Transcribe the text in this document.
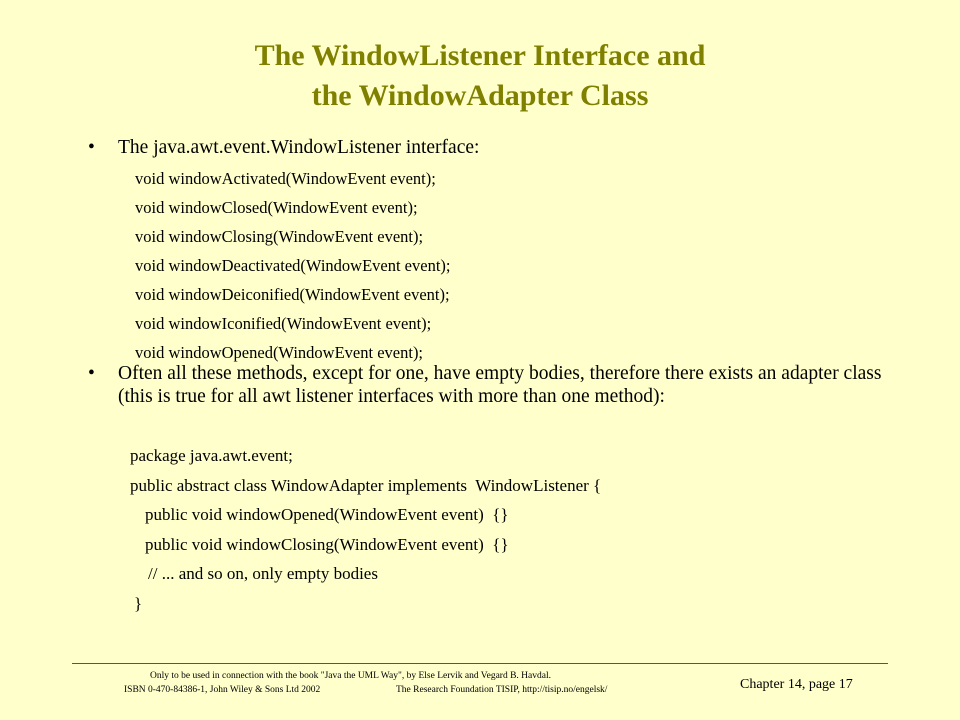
The WindowListener Interface and
the WindowAdapter Class
• The java.awt.event.WindowListener interface:
void windowActivated(WindowEvent event);
void windowClosed(WindowEvent event);
void windowClosing(WindowEvent event);
void windowDeactivated(WindowEvent event);
void windowDeiconified(WindowEvent event);
void windowIconified(WindowEvent event);
void windowOpened(WindowEvent event);
• Often all these methods, except for one, have empty bodies, therefore there exists an adapter class (this is true for all awt listener interfaces with more than one method):
package java.awt.event;
public abstract class WindowAdapter implements  WindowListener {
public void windowOpened(WindowEvent event)  {}
public void windowClosing(WindowEvent event)  {}
// ... and so on, only empty bodies
}
Only to be used in connection with the book "Java the UML Way", by Else Lervik and Vegard B. Havdal.
ISBN 0-470-84386-1, John Wiley & Sons Ltd 2002	The Research Foundation TISIP, http://tisip.no/engelsk/	Chapter 14, page 17
